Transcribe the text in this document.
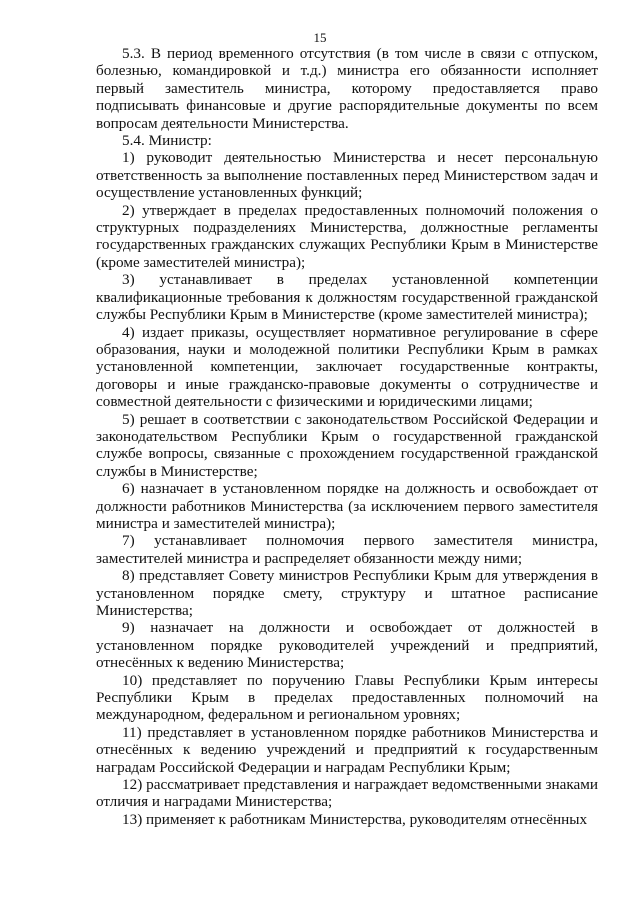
15

5.3. В период временного отсутствия (в том числе в связи с отпуском, болезнью, командировкой и т.д.) министра его обязанности исполняет первый заместитель министра, которому предоставляется право подписывать финансовые и другие распорядительные документы по всем вопросам деятельности Министерства.

5.4. Министр:

1) руководит деятельностью Министерства и несет персональную ответственность за выполнение поставленных перед Министерством задач и осуществление установленных функций;

2) утверждает в пределах предоставленных полномочий положения о структурных подразделениях Министерства, должностные регламенты государственных гражданских служащих Республики Крым в Министерстве (кроме заместителей министра);

3) устанавливает в пределах установленной компетенции квалификационные требования к должностям государственной гражданской службы Республики Крым в Министерстве (кроме заместителей министра);

4) издает приказы, осуществляет нормативное регулирование в сфере образования, науки и молодежной политики Республики Крым в рамках установленной компетенции, заключает государственные контракты, договоры и иные гражданско-правовые документы о сотрудничестве и совместной деятельности с физическими и юридическими лицами;

5) решает в соответствии с законодательством Российской Федерации и законодательством Республики Крым о государственной гражданской службе вопросы, связанные с прохождением государственной гражданской службы в Министерстве;

6) назначает в установленном порядке на должность и освобождает от должности работников Министерства (за исключением первого заместителя министра и заместителей министра);

7) устанавливает полномочия первого заместителя министра, заместителей министра и распределяет обязанности между ними;

8) представляет Совету министров Республики Крым для утверждения в установленном порядке смету, структуру и штатное расписание Министерства;

9) назначает на должности и освобождает от должностей в установленном порядке руководителей учреждений и предприятий, отнесённых к ведению Министерства;

10) представляет по поручению Главы Республики Крым интересы Республики Крым в пределах предоставленных полномочий на международном, федеральном и региональном уровнях;

11) представляет в установленном порядке работников Министерства и отнесённых к ведению учреждений и предприятий к государственным наградам Российской Федерации и наградам Республики Крым;

12) рассматривает представления и награждает ведомственными знаками отличия и наградами Министерства;

13) применяет к работникам Министерства, руководителям отнесённых
